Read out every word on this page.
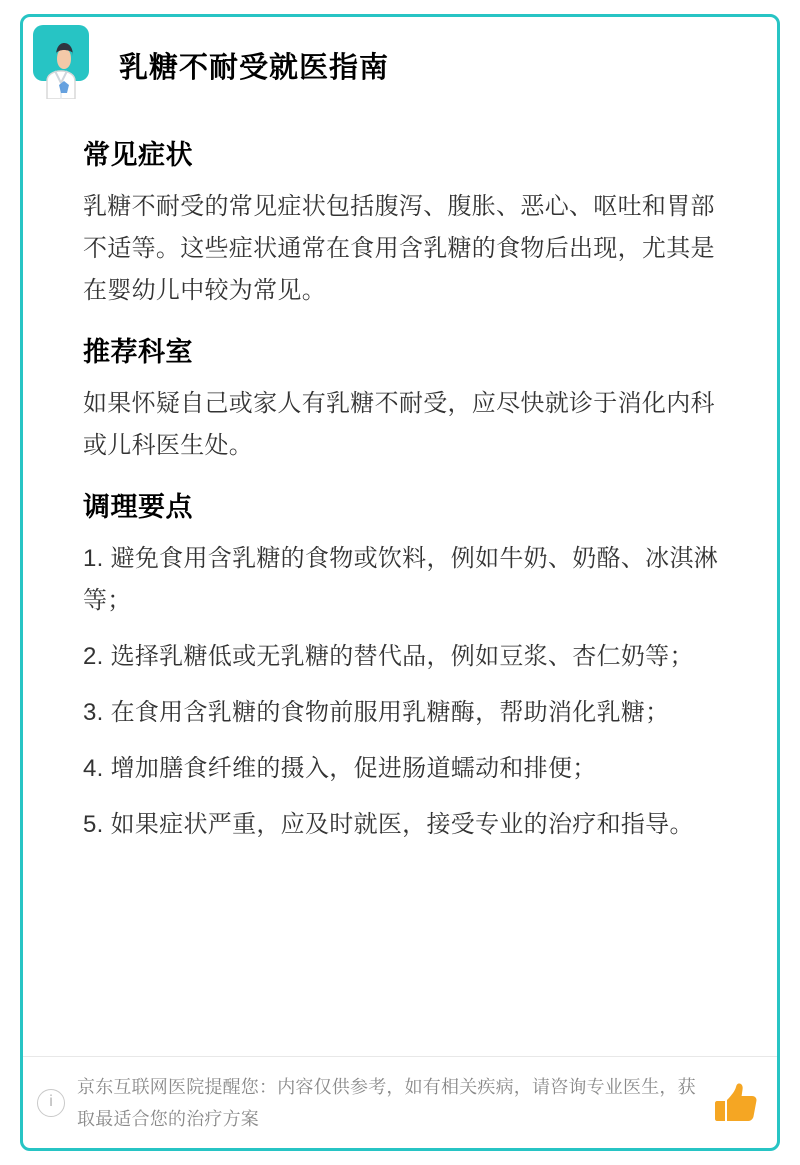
乳糖不耐受就医指南
常见症状

乳糖不耐受的常见症状包括腹泻、腹胀、恶心、呕吐和胃部不适等。这些症状通常在食用含乳糖的食物后出现，尤其是在婴幼儿中较为常见。

推荐科室

如果怀疑自己或家人有乳糖不耐受，应尽快就诊于消化内科或儿科医生处。

调理要点

1. 避免食用含乳糖的食物或饮料，例如牛奶、奶酪、冰淇淋等；

2. 选择乳糖低或无乳糖的替代品，例如豆浆、杏仁奶等；

3. 在食用含乳糖的食物前服用乳糖酶，帮助消化乳糖；

4. 增加膳食纤维的摄入，促进肠道蠕动和排便；

5. 如果症状严重，应及时就医，接受专业的治疗和指导。

i
京东互联网医院提醒您：内容仅供参考，如有相关疾病，请咨询专业医生，获取最适合您的治疗方案
